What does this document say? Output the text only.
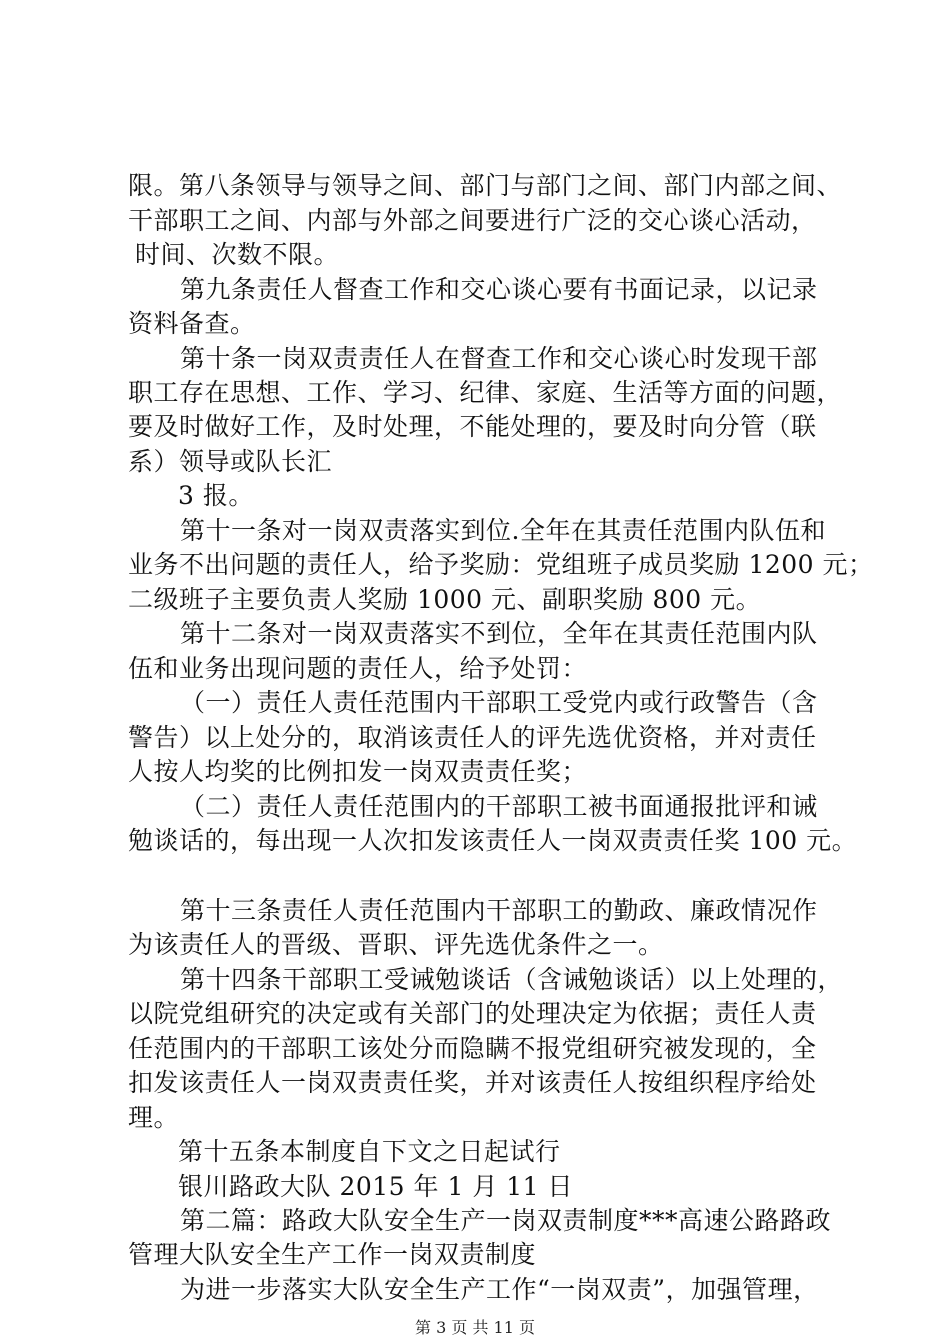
限。第八条领导与领导之间、部门与部门之间、部门内部之间、
干部职工之间、内部与外部之间要进行广泛的交心谈心活动，
时间、次数不限。
第九条责任人督查工作和交心谈心要有书面记录，以记录
资料备查。
第十条一岗双责责任人在督查工作和交心谈心时发现干部
职工存在思想、工作、学习、纪律、家庭、生活等方面的问题，
要及时做好工作，及时处理，不能处理的，要及时向分管（联
系）领导或队长汇
3 报。
第十一条对一岗双责落实到位.全年在其责任范围内队伍和
业务不出问题的责任人，给予奖励：党组班子成员奖励 1200 元；
二级班子主要负责人奖励 1000 元、副职奖励 800 元。
第十二条对一岗双责落实不到位，全年在其责任范围内队
伍和业务出现问题的责任人，给予处罚：
（一）责任人责任范围内干部职工受党内或行政警告（含
警告）以上处分的，取消该责任人的评先选优资格，并对责任
人按人均奖的比例扣发一岗双责责任奖；
（二）责任人责任范围内的干部职工被书面通报批评和诫
勉谈话的，每出现一人次扣发该责任人一岗双责责任奖 100 元。
第十三条责任人责任范围内干部职工的勤政、廉政情况作
为该责任人的晋级、晋职、评先选优条件之一。
第十四条干部职工受诫勉谈话（含诫勉谈话）以上处理的，
以院党组研究的决定或有关部门的处理决定为依据；责任人责
任范围内的干部职工该处分而隐瞒不报党组研究被发现的，全
扣发该责任人一岗双责责任奖，并对该责任人按组织程序给处
理。
第十五条本制度自下文之日起试行
银川路政大队 2015 年 1 月 11 日
第二篇：路政大队安全生产一岗双责制度***高速公路路政
管理大队安全生产工作一岗双责制度
为进一步落实大队安全生产工作“一岗双责”，加强管理，
第 3 页 共 11 页
